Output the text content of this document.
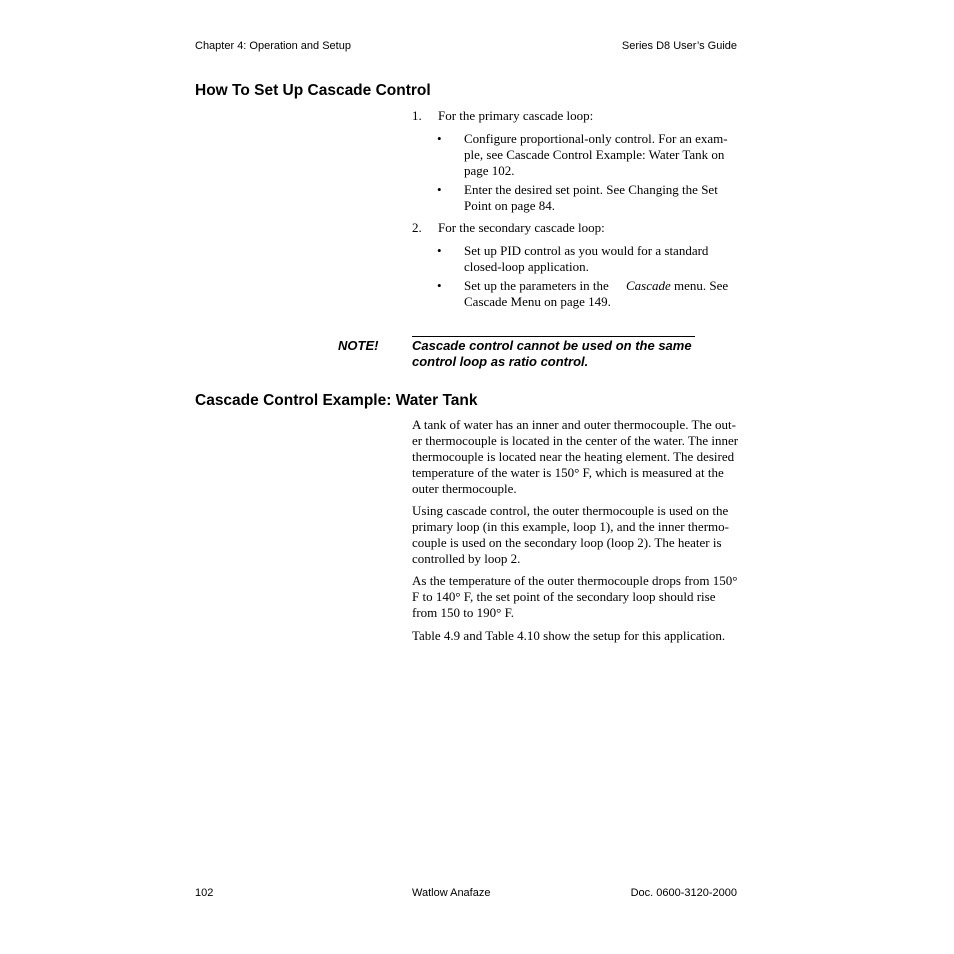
Chapter 4: Operation and Setup	Series D8 User’s Guide
How To Set Up Cascade Control
1. For the primary cascade loop:
• Configure proportional-only control. For an exam-
ple, see Cascade Control Example: Water Tank on
page 102.
• Enter the desired set point. See Changing the Set
Point on page 84.
2. For the secondary cascade loop:
• Set up PID control as you would for a standard
closed-loop application.
• Set up the parameters in the Cascade menu. See
Cascade Menu on page 149.
NOTE!	Cascade control cannot be used on the same
control loop as ratio control.
Cascade Control Example: Water Tank
A tank of water has an inner and outer thermocouple. The out-
er thermocouple is located in the center of the water. The inner
thermocouple is located near the heating element. The desired
temperature of the water is 150° F, which is measured at the
outer thermocouple.
Using cascade control, the outer thermocouple is used on the
primary loop (in this example, loop 1), and the inner thermo-
couple is used on the secondary loop (loop 2). The heater is
controlled by loop 2.
As the temperature of the outer thermocouple drops from 150°
F to 140° F, the set point of the secondary loop should rise
from 150 to 190° F.
Table 4.9 and Table 4.10 show the setup for this application.
102	Watlow Anafaze	Doc. 0600-3120-2000
